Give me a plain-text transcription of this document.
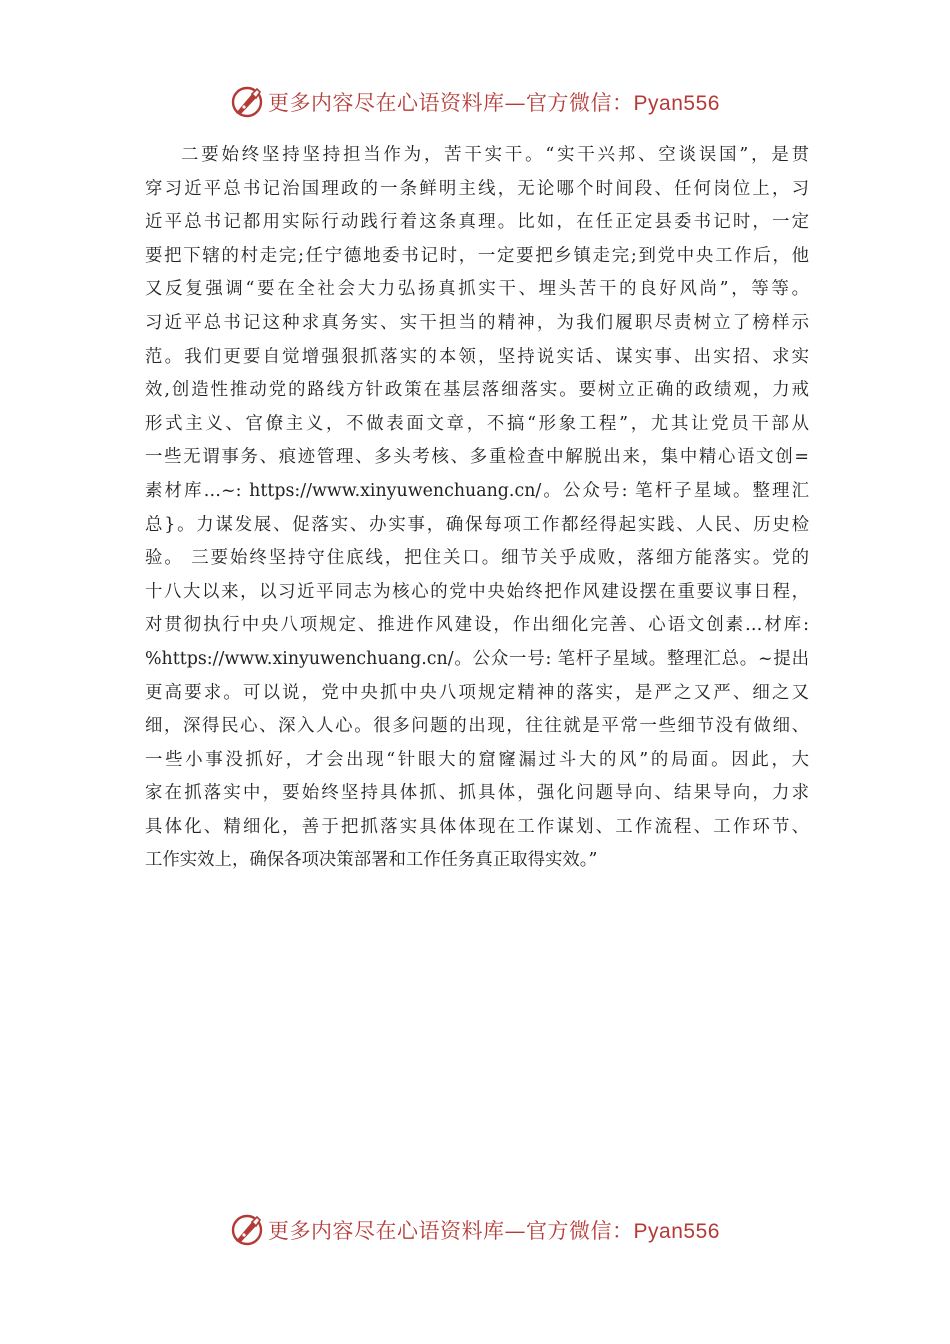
更多内容尽在心语资料库—官方微信：Pyan556
二要始终坚持坚持担当作为，苦干实干。“实干兴邦、空谈误国”，是贯
穿习近平总书记治国理政的一条鲜明主线，无论哪个时间段、任何岗位上，习
近平总书记都用实际行动践行着这条真理。比如，在任正定县委书记时，一定
要把下辖的村走完;任宁德地委书记时，一定要把乡镇走完;到党中央工作后，他
又反复强调“要在全社会大力弘扬真抓实干、埋头苦干的良好风尚”，等等。
习近平总书记这种求真务实、实干担当的精神，为我们履职尽责树立了榜样示
范。我们更要自觉增强狠抓落实的本领，坚持说实话、谋实事、出实招、求实
效,创造性推动党的路线方针政策在基层落细落实。要树立正确的政绩观，力戒
形式主义、官僚主义，不做表面文章，不搞“形象工程”，尤其让党员干部从
一些无谓事务、痕迹管理、多头考核、多重检查中解脱出来，集中精心语文创=
素材库…~: https://www.xinyuwenchuang.cn/。公众号: 笔杆子星域。整理汇
总}。力谋发展、促落实、办实事，确保每项工作都经得起实践、人民、历史检
验。 三要始终坚持守住底线，把住关口。细节关乎成败，落细方能落实。党的
十八大以来，以习近平同志为核心的党中央始终把作风建设摆在重要议事日程，
对贯彻执行中央八项规定、推进作风建设，作出细化完善、心语文创素…材库:
%https://www.xinyuwenchuang.cn/。公众一号: 笔杆子星域。整理汇总。~提出
更高要求。可以说，党中央抓中央八项规定精神的落实，是严之又严、细之又
细，深得民心、深入人心。很多问题的出现，往往就是平常一些细节没有做细、
一些小事没抓好，才会出现“针眼大的窟窿漏过斗大的风”的局面。因此，大
家在抓落实中，要始终坚持具体抓、抓具体，强化问题导向、结果导向，力求
具体化、精细化，善于把抓落实具体体现在工作谋划、工作流程、工作环节、
工作实效上，确保各项决策部署和工作任务真正取得实效。”
更多内容尽在心语资料库—官方微信：Pyan556
